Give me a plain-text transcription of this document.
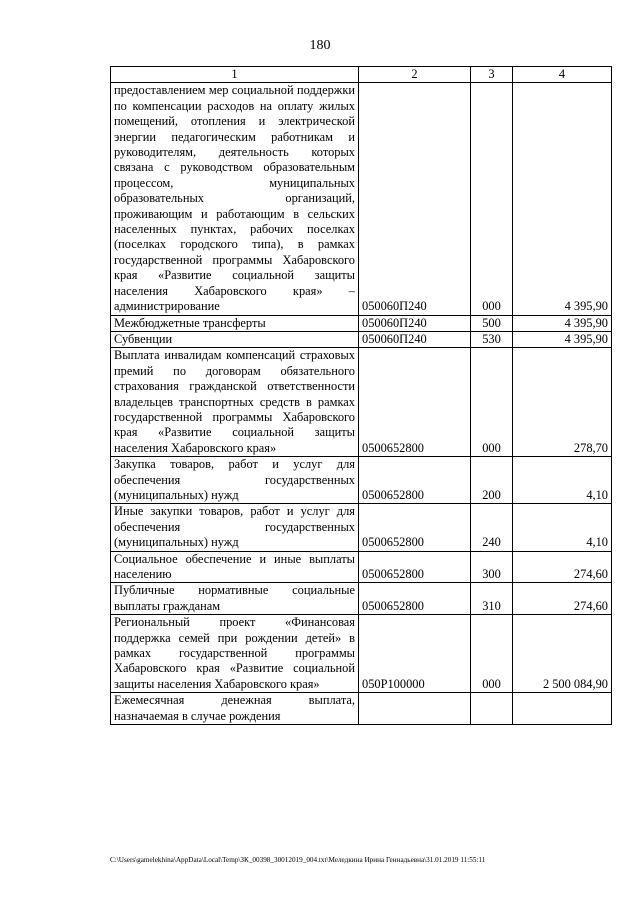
180
1	2	3	4
предоставлением мер социальной поддержки по компенсации расходов на оплату жилых помещений, отопления и электрической энергии педагогическим работникам и руководителям, деятельность которых связана с руководством образовательным процессом, муниципальных образовательных организаций, проживающим и работающим в сельских населенных пунктах, рабочих поселках (поселках городского типа), в рамках государственной программы Хабаровского края «Развитие социальной защиты населения Хабаровского края» – администрирование	050060П240	000	4 395,90
Межбюджетные трансферты	050060П240	500	4 395,90
Субвенции	050060П240	530	4 395,90
Выплата инвалидам компенсаций страховых премий по договорам обязательного страхования гражданской ответственности владельцев транспортных средств в рамках государственной программы Хабаровского края «Развитие социальной защиты населения Хабаровского края»	0500652800	000	278,70
Закупка товаров, работ и услуг для обеспечения государственных (муниципальных) нужд	0500652800	200	4,10
Иные закупки товаров, работ и услуг для обеспечения государственных (муниципальных) нужд	0500652800	240	4,10
Социальное обеспечение и иные выплаты населению	0500652800	300	274,60
Публичные нормативные социальные выплаты гражданам	0500652800	310	274,60
Региональный проект «Финансовая поддержка семей при рождении детей» в рамках государственной программы Хабаровского края «Развитие социальной защиты населения Хабаровского края»	050P100000	000	2 500 084,90
Ежемесячная денежная выплата, назначаемая в случае рождения			
C:\Users\gamelekhina\AppData\Local\Temp\ЗК_00398_30012019_004.txt\Меледкина Ирина Геннадьевна\31.01.2019 11:55:11
